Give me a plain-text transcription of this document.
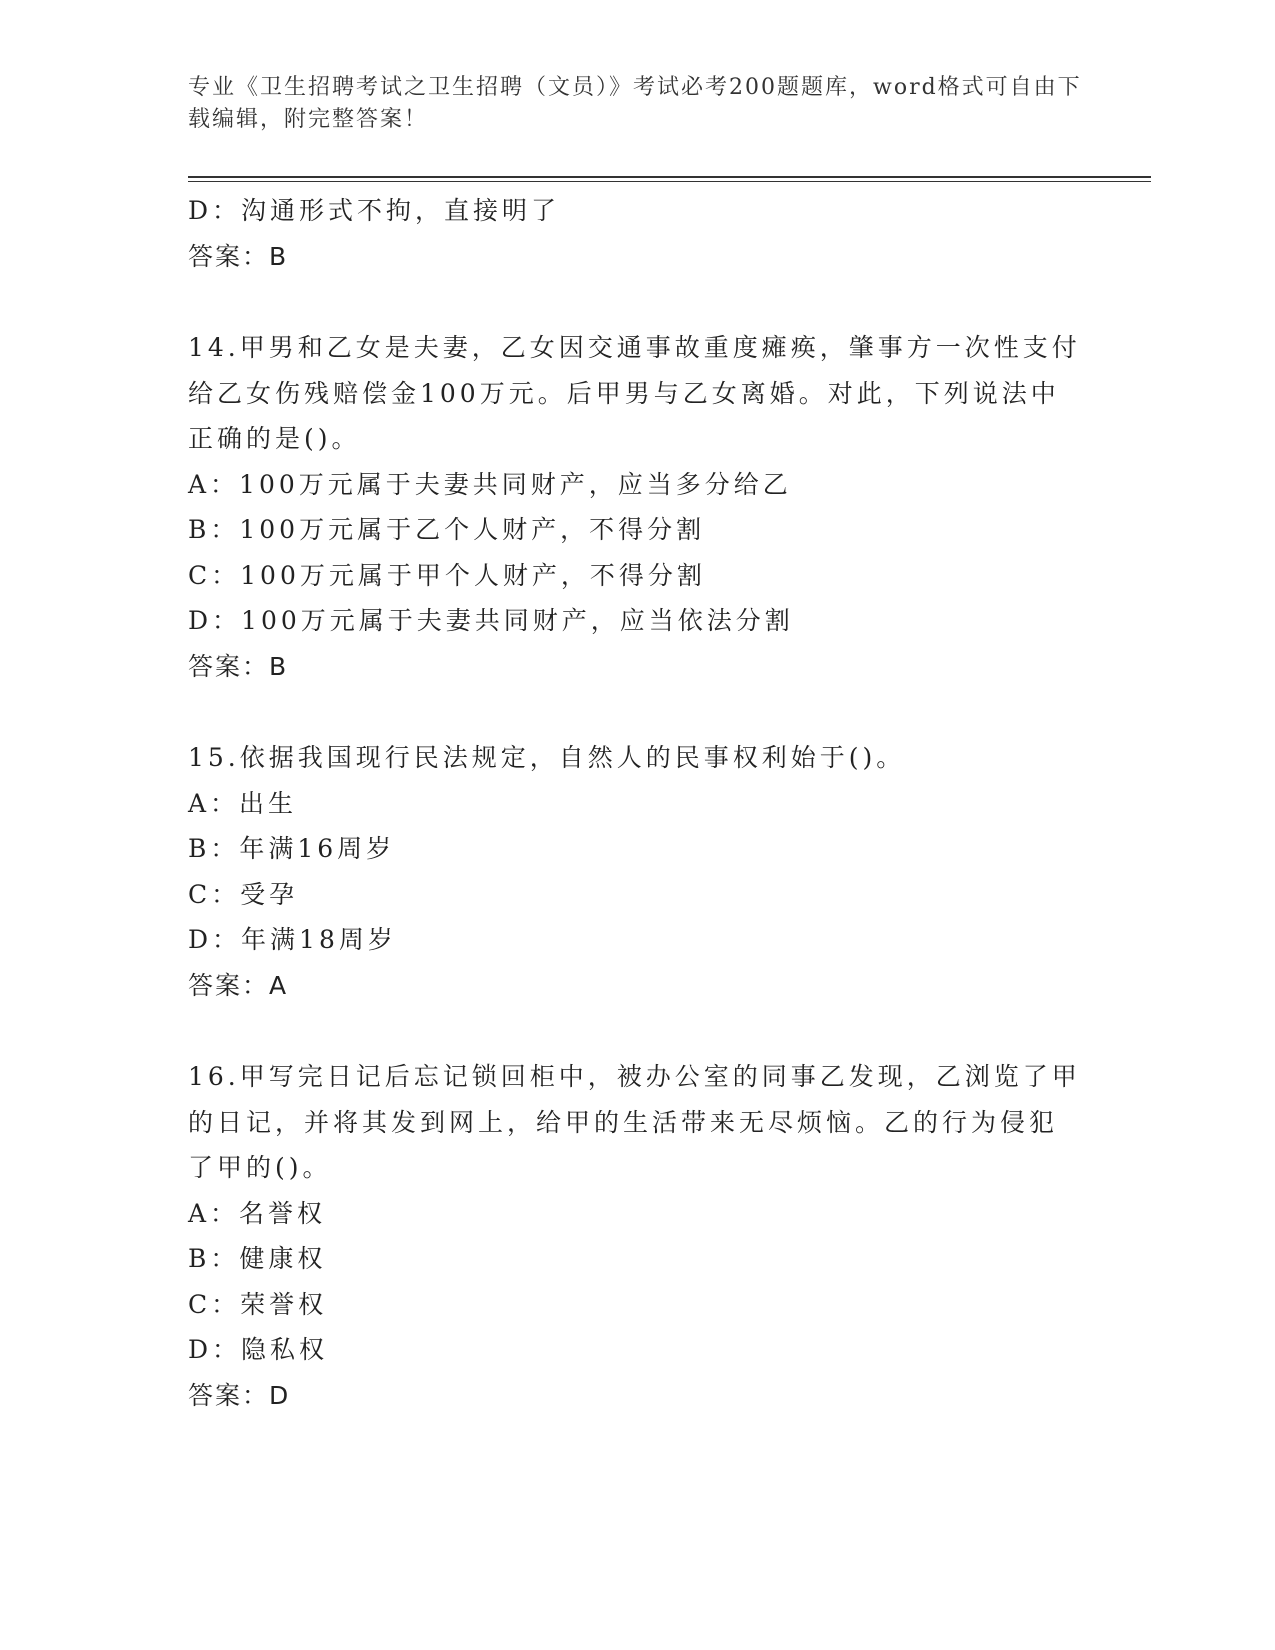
专业《卫生招聘考试之卫生招聘（文员）》考试必考200题题库，word格式可自由下载编辑，附完整答案！
D：沟通形式不拘，直接明了
答案：B
14.甲男和乙女是夫妻，乙女因交通事故重度瘫痪，肇事方一次性支付
给乙女伤残赔偿金100万元。后甲男与乙女离婚。对此，下列说法中
正确的是()。
A：100万元属于夫妻共同财产，应当多分给乙
B：100万元属于乙个人财产，不得分割
C：100万元属于甲个人财产，不得分割
D：100万元属于夫妻共同财产，应当依法分割
答案：B
15.依据我国现行民法规定，自然人的民事权利始于()。
A：出生
B：年满16周岁
C：受孕
D：年满18周岁
答案：A
16.甲写完日记后忘记锁回柜中，被办公室的同事乙发现，乙浏览了甲
的日记，并将其发到网上，给甲的生活带来无尽烦恼。乙的行为侵犯
了甲的()。
A：名誉权
B：健康权
C：荣誉权
D：隐私权
答案：D
